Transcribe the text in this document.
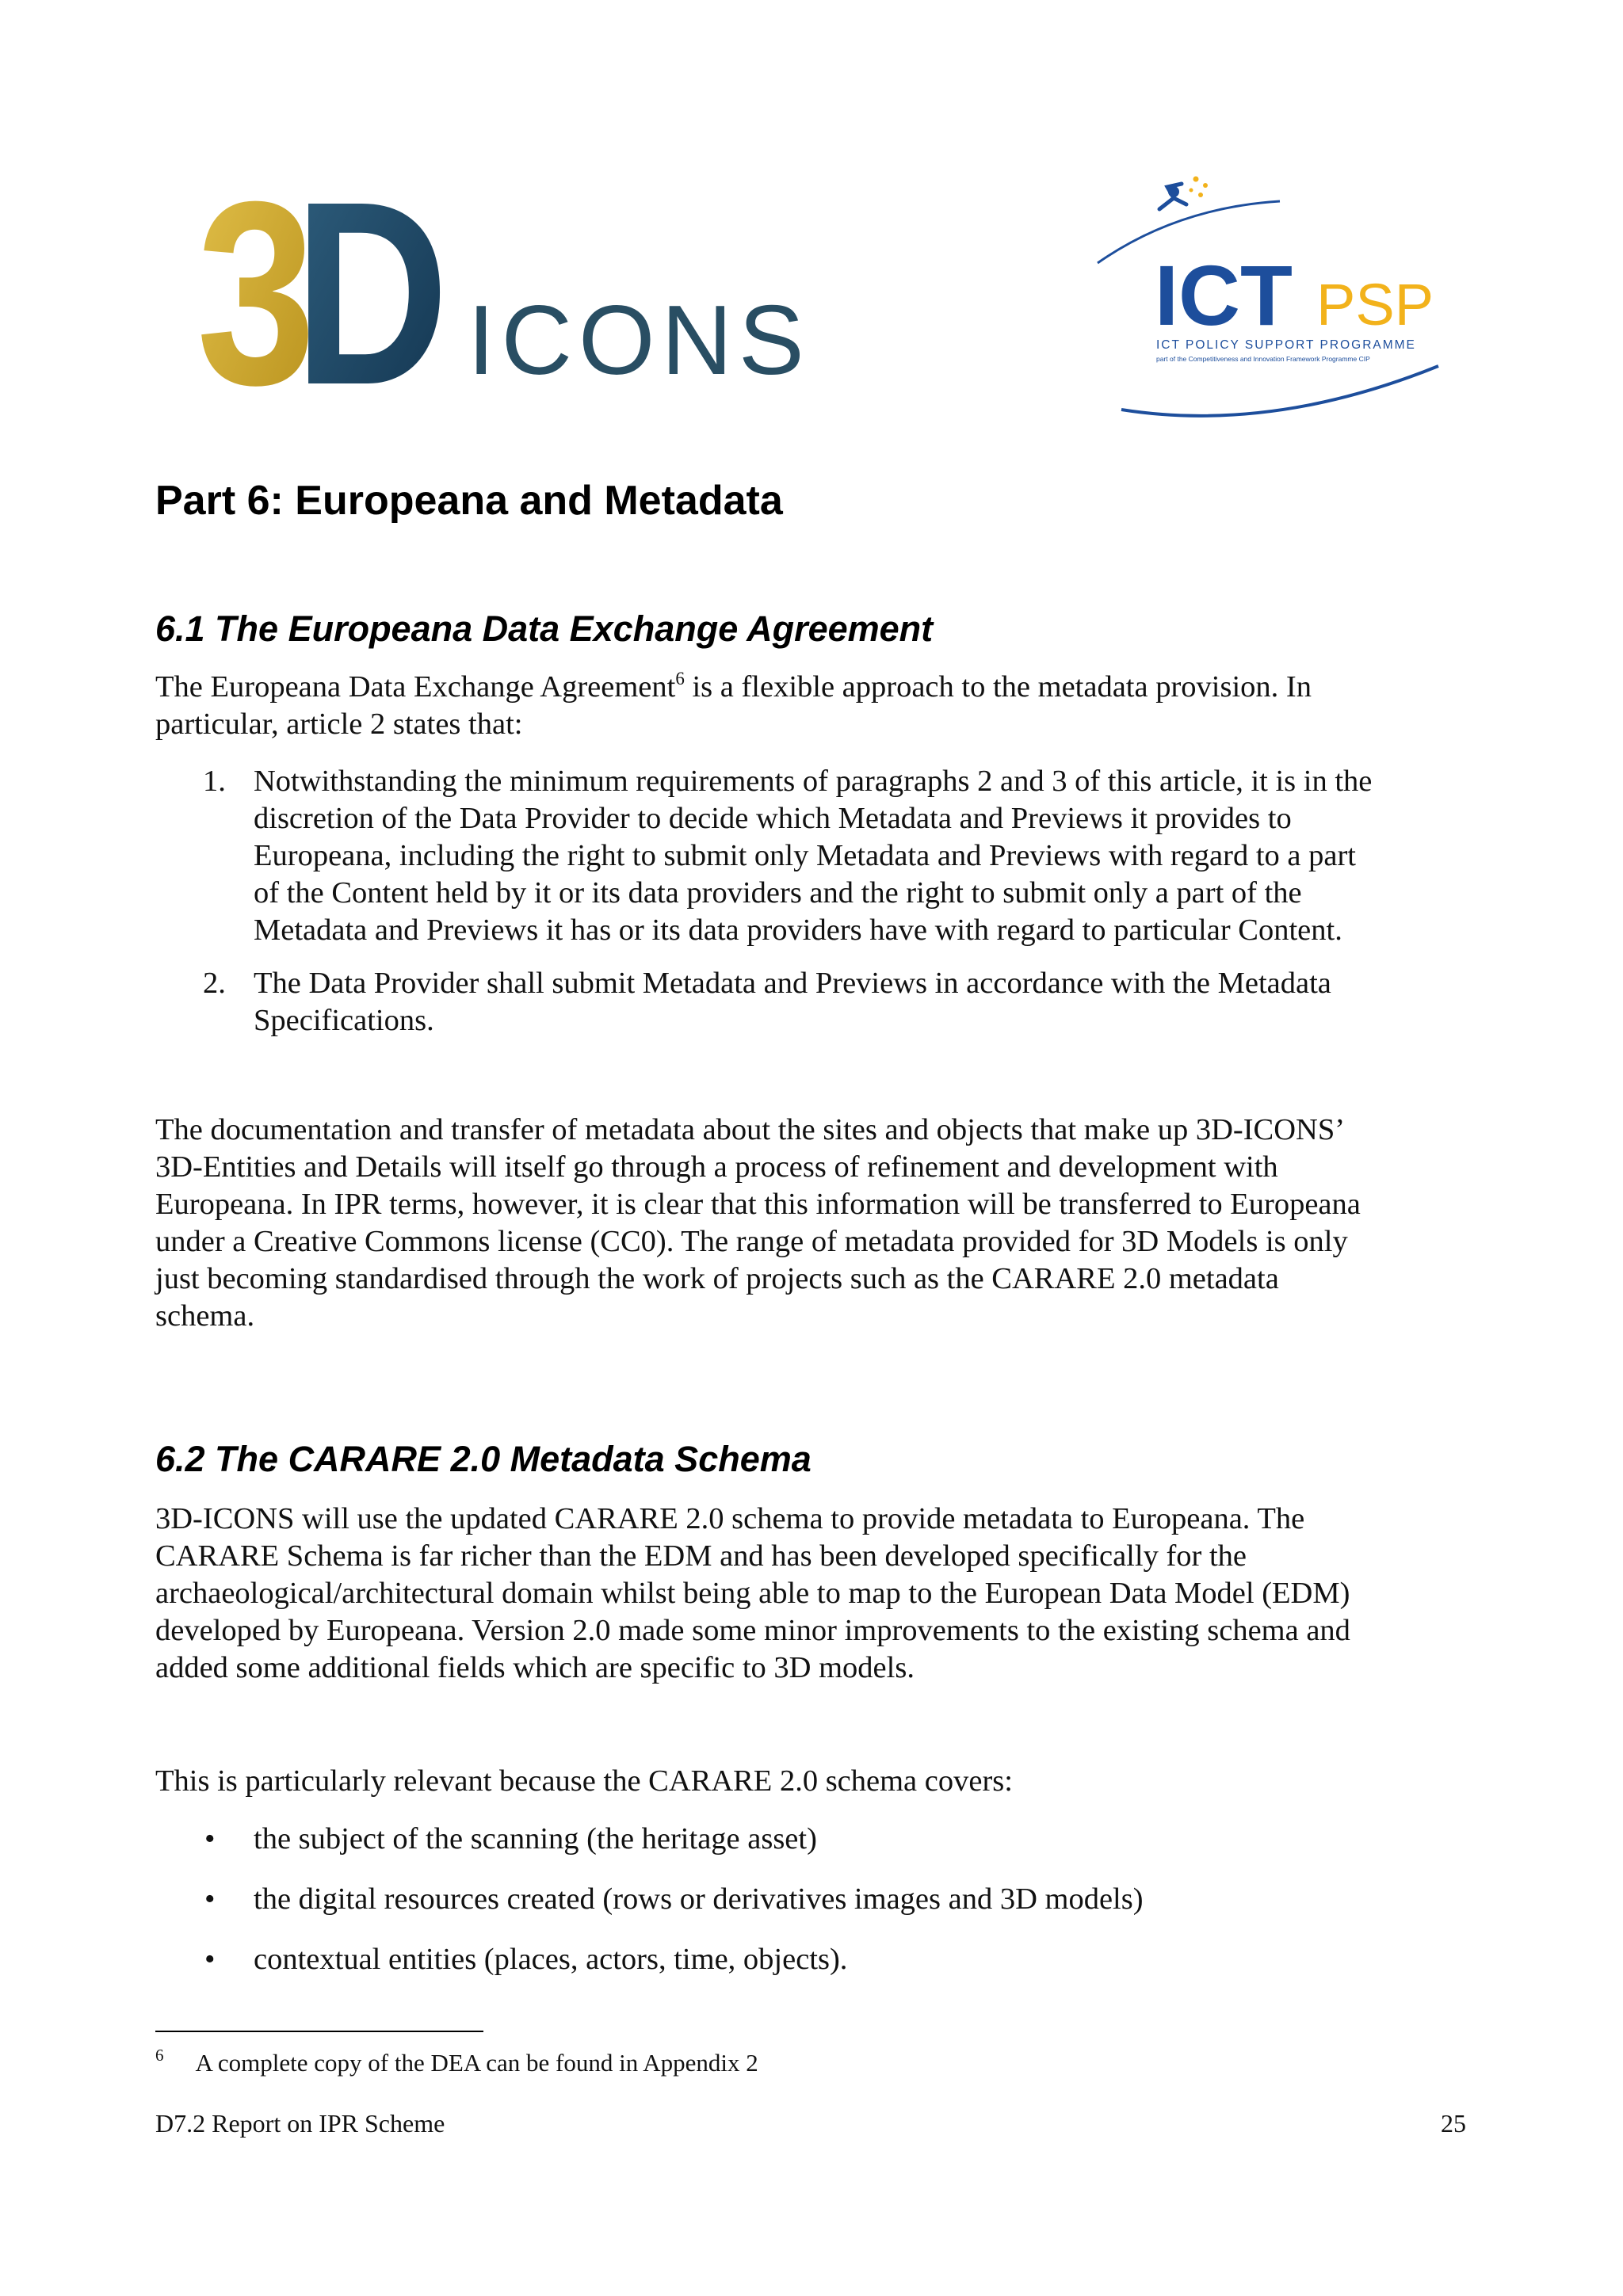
3
D ICONS	ICT PSP
ICT POLICY SUPPORT PROGRAMME
part of the Competitiveness and Innovation Framework Programme CIP
Part 6: Europeana and Metadata
6.1 The Europeana Data Exchange Agreement

The Europeana Data Exchange Agreement$^6$ is a flexible approach to the metadata provision. In
particular, article 2 states that:

1. Notwithstanding the minimum requirements of paragraphs 2 and 3 of this article, it is in the
discretion of the Data Provider to decide which Metadata and Previews it provides to
Europeana, including the right to submit only Metadata and Previews with regard to a part
of the Content held by it or its data providers and the right to submit only a part of the
Metadata and Previews it has or its data providers have with regard to particular Content.
2. The Data Provider shall submit Metadata and Previews in accordance with the Metadata
Specifications.

The documentation and transfer of metadata about the sites and objects that make up 3D-ICONS’
3D-Entities and Details will itself go through a process of refinement and development with
Europeana. In IPR terms, however, it is clear that this information will be transferred to Europeana
under a Creative Commons license (CC0). The range of metadata provided for 3D Models is only
just becoming standardised through the work of projects such as the CARARE 2.0 metadata
schema.

6.2 The CARARE 2.0 Metadata Schema

3D-ICONS will use the updated CARARE 2.0 schema to provide metadata to Europeana. The
CARARE Schema is far richer than the EDM and has been developed specifically for the
archaeological/architectural domain whilst being able to map to the European Data Model (EDM)
developed by Europeana. Version 2.0 made some minor improvements to the existing schema and
added some additional fields which are specific to 3D models.

This is particularly relevant because the CARARE 2.0 schema covers:

• the subject of the scanning (the heritage asset)
• the digital resources created (rows or derivatives images and 3D models)
• contextual entities (places, actors, time, objects).
$^6$ A complete copy of the DEA can be found in Appendix 2
D7.2 Report on IPR Scheme	25
